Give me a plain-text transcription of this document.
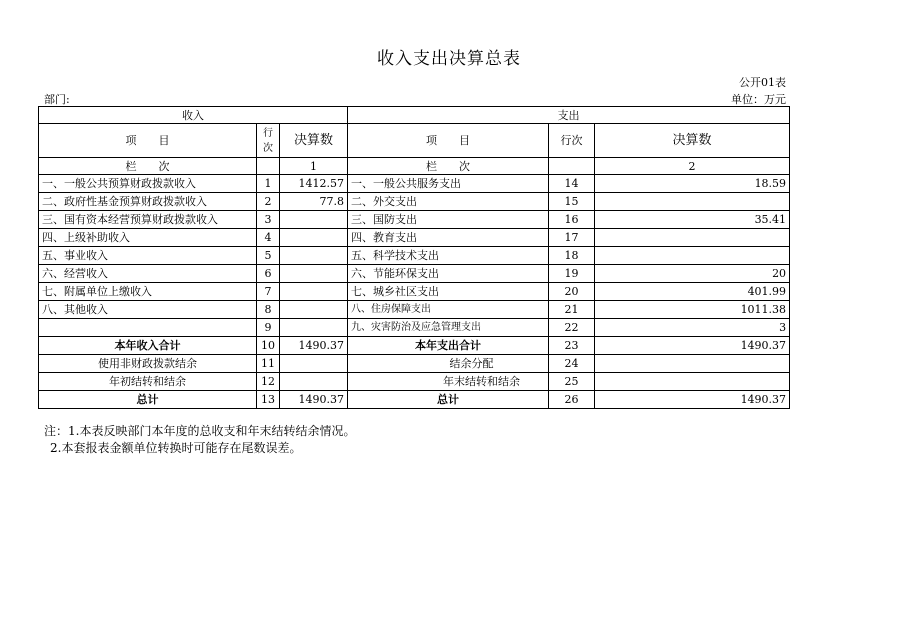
收入支出决算总表
公开01表
部门:	单位：万元
收入			支出		
项　　目	行次	决算数	项　　目	行次	决算数
栏　　次		1	栏　　次		2
一、一般公共预算财政拨款收入	1	1412.57	一、一般公共服务支出	14	18.59
二、政府性基金预算财政拨款收入	2	77.8	二、外交支出	15	
三、国有资本经营预算财政拨款收入	3		三、国防支出	16	35.41
四、上级补助收入	4		四、教育支出	17	
五、事业收入	5		五、科学技术支出	18	
六、经营收入	6		六、节能环保支出	19	20
七、附属单位上缴收入	7		七、城乡社区支出	20	401.99
八、其他收入	8		八、住房保障支出	21	1011.38
	9		九、灾害防治及应急管理支出	22	3
本年收入合计	10	1490.37	本年支出合计	23	1490.37
使用非财政拨款结余	11		结余分配	24	
年初结转和结余	12		年末结转和结余	25	
总计	13	1490.37	总计	26	1490.37
注：1.本表反映部门本年度的总收支和年末结转结余情况。
2.本套报表金额单位转换时可能存在尾数误差。
